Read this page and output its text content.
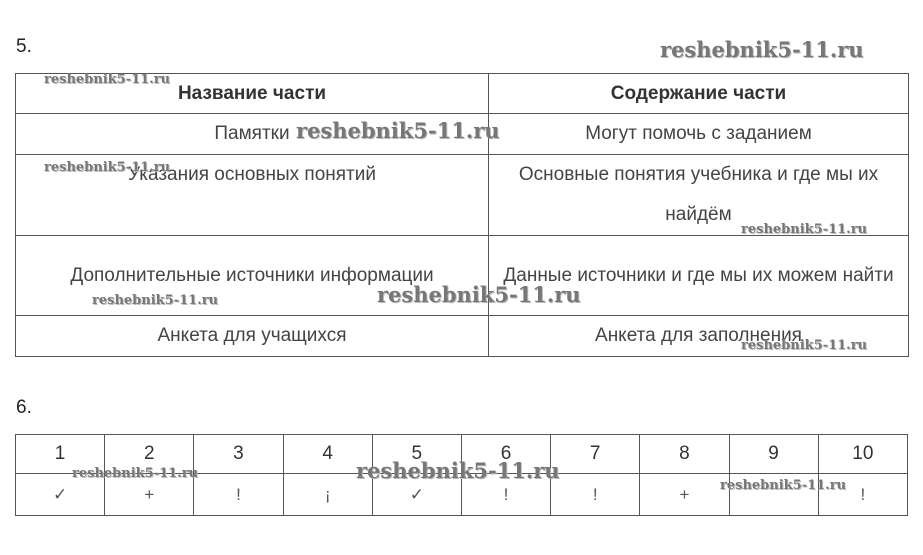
5.
Название части	Содержание части
Памятки	Могут помочь с заданием
Указания основных понятий	Основные понятия учебника и где мы их найдём
Дополнительные источники информации	Данные источники и где мы их можем найти
Анкета для учащихся	Анкета для заполнения
6.
1	2	3	4	5	6	7	8	9	10
✓	+	!	¡	✓	!	!	+		!
reshebnik5-11.ru
reshebnik5-11.ru
reshebnik5-11.ru
reshebnik5-11.ru
reshebnik5-11.ru
reshebnik5-11.ru
reshebnik5-11.ru
reshebnik5-11.ru
reshebnik5-11.ru
reshebnik5-11.ru
reshebnik5-11.ru
